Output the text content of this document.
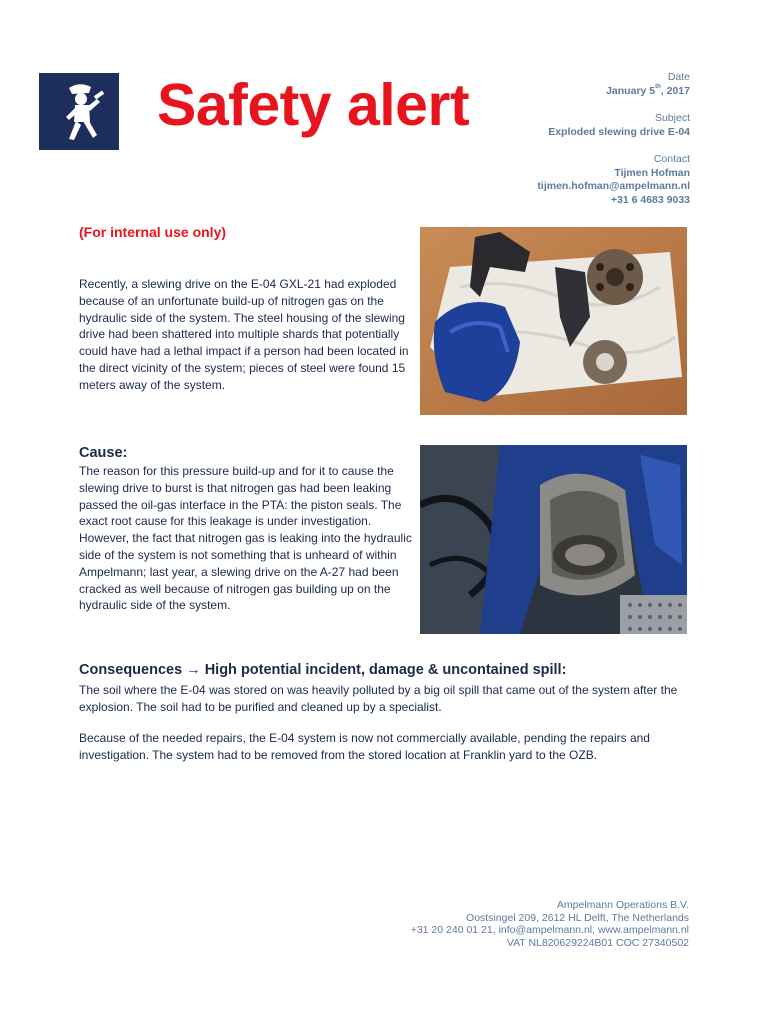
Safety alert	Date
January 5th, 2017
Subject
Exploded slewing drive E-04
Contact
Tijmen Hofman
tijmen.hofman@ampelmann.nl
+31 6 4683 9033
(For internal use only)
Recently, a slewing drive on the E-04 GXL-21 had exploded because of an unfortunate build-up of nitrogen gas on the hydraulic side of the system. The steel housing of the slewing drive had been shattered into multiple shards that potentially could have had a lethal impact if a person had been located in the direct vicinity of the system; pieces of steel were found 15 meters away of the system.
Cause:
The reason for this pressure build-up and for it to cause the slewing drive to burst is that nitrogen gas had been leaking passed the oil-gas interface in the PTA: the piston seals. The exact root cause for this leakage is under investigation. However, the fact that nitrogen gas is leaking into the hydraulic side of the system is not something that is unheard of within Ampelmann; last year, a slewing drive on the A-27 had been cracked as well because of nitrogen gas building up on the hydraulic side of the system.
Consequences → High potential incident, damage & uncontained spill:
The soil where the E-04 was stored on was heavily polluted by a big oil spill that came out of the system after the explosion. The soil had to be purified and cleaned up by a specialist.
Because of the needed repairs, the E-04 system is now not commercially available, pending the repairs and investigation. The system had to be removed from the stored location at Franklin yard to the OZB.
Ampelmann Operations B.V.
Oostsingel 209, 2612 HL Delft, The Netherlands
+31 20 240 01 21, info@ampelmann.nl, www.ampelmann.nl
VAT NL820629224B01 COC 27340502
